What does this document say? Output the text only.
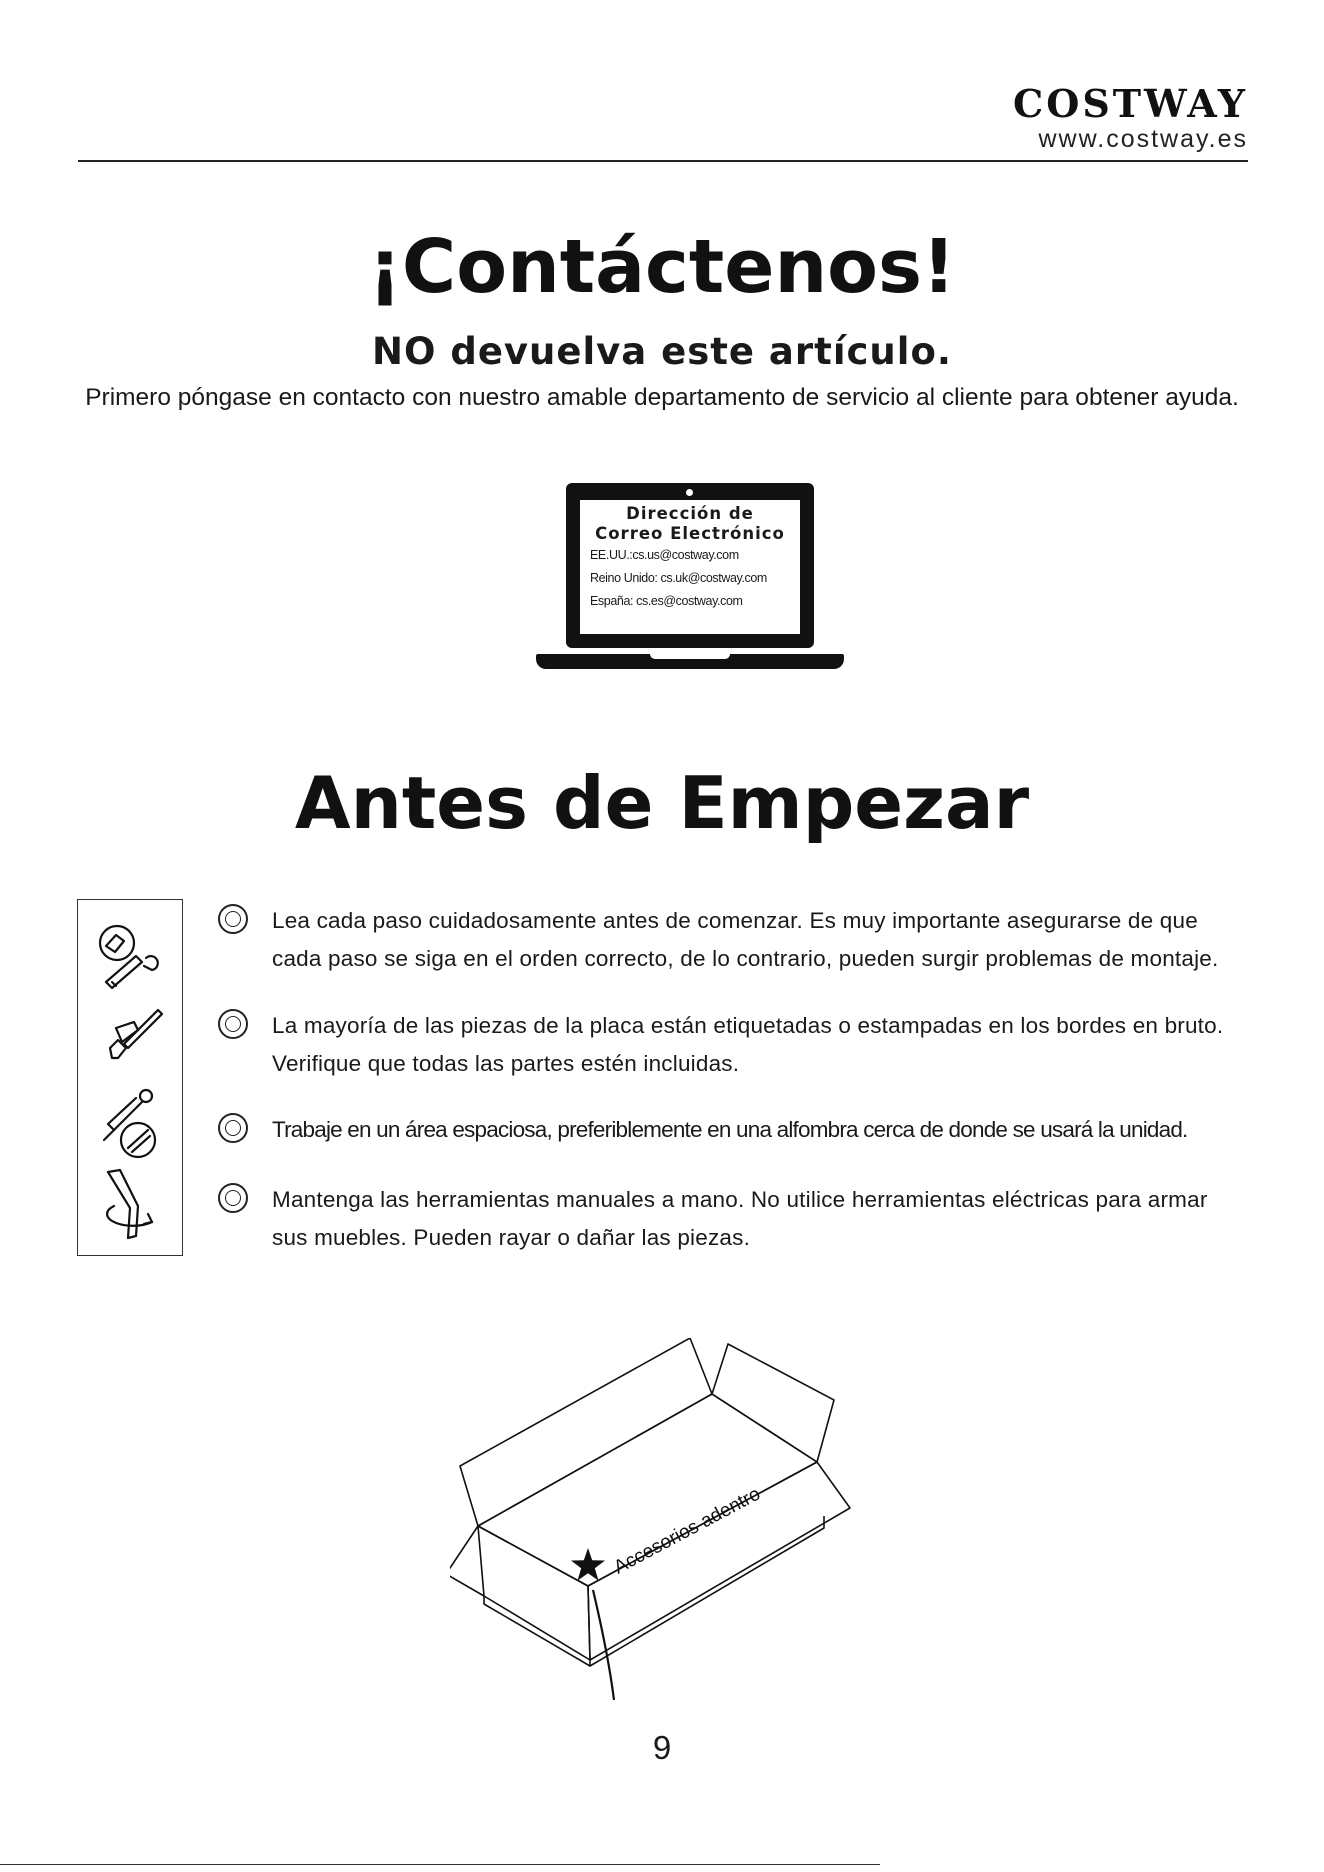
COSTWAY
www.costway.es
¡Contáctenos!
NO devuelva este artículo.
Primero póngase en contacto con nuestro amable departamento de servicio al cliente para obtener ayuda.
Dirección de
Correo Electrónico
EE.UU.:cs.us@costway.com
Reino Unido: cs.uk@costway.com
España: cs.es@costway.com
Antes de Empezar
Lea cada paso cuidadosamente antes de comenzar. Es muy importante asegurarse de que
cada paso se siga en el orden correcto, de lo contrario, pueden surgir problemas de montaje.
La mayoría de las piezas de la placa están etiquetadas o estampadas en los bordes en bruto.
Verifique que todas las partes estén incluidas.
Trabaje en un área espaciosa, preferiblemente en una alfombra cerca de donde se usará la unidad.
Mantenga las herramientas manuales a mano. No utilice herramientas eléctricas para armar
sus muebles. Pueden rayar o dañar las piezas.
Accesorios adentro
9
